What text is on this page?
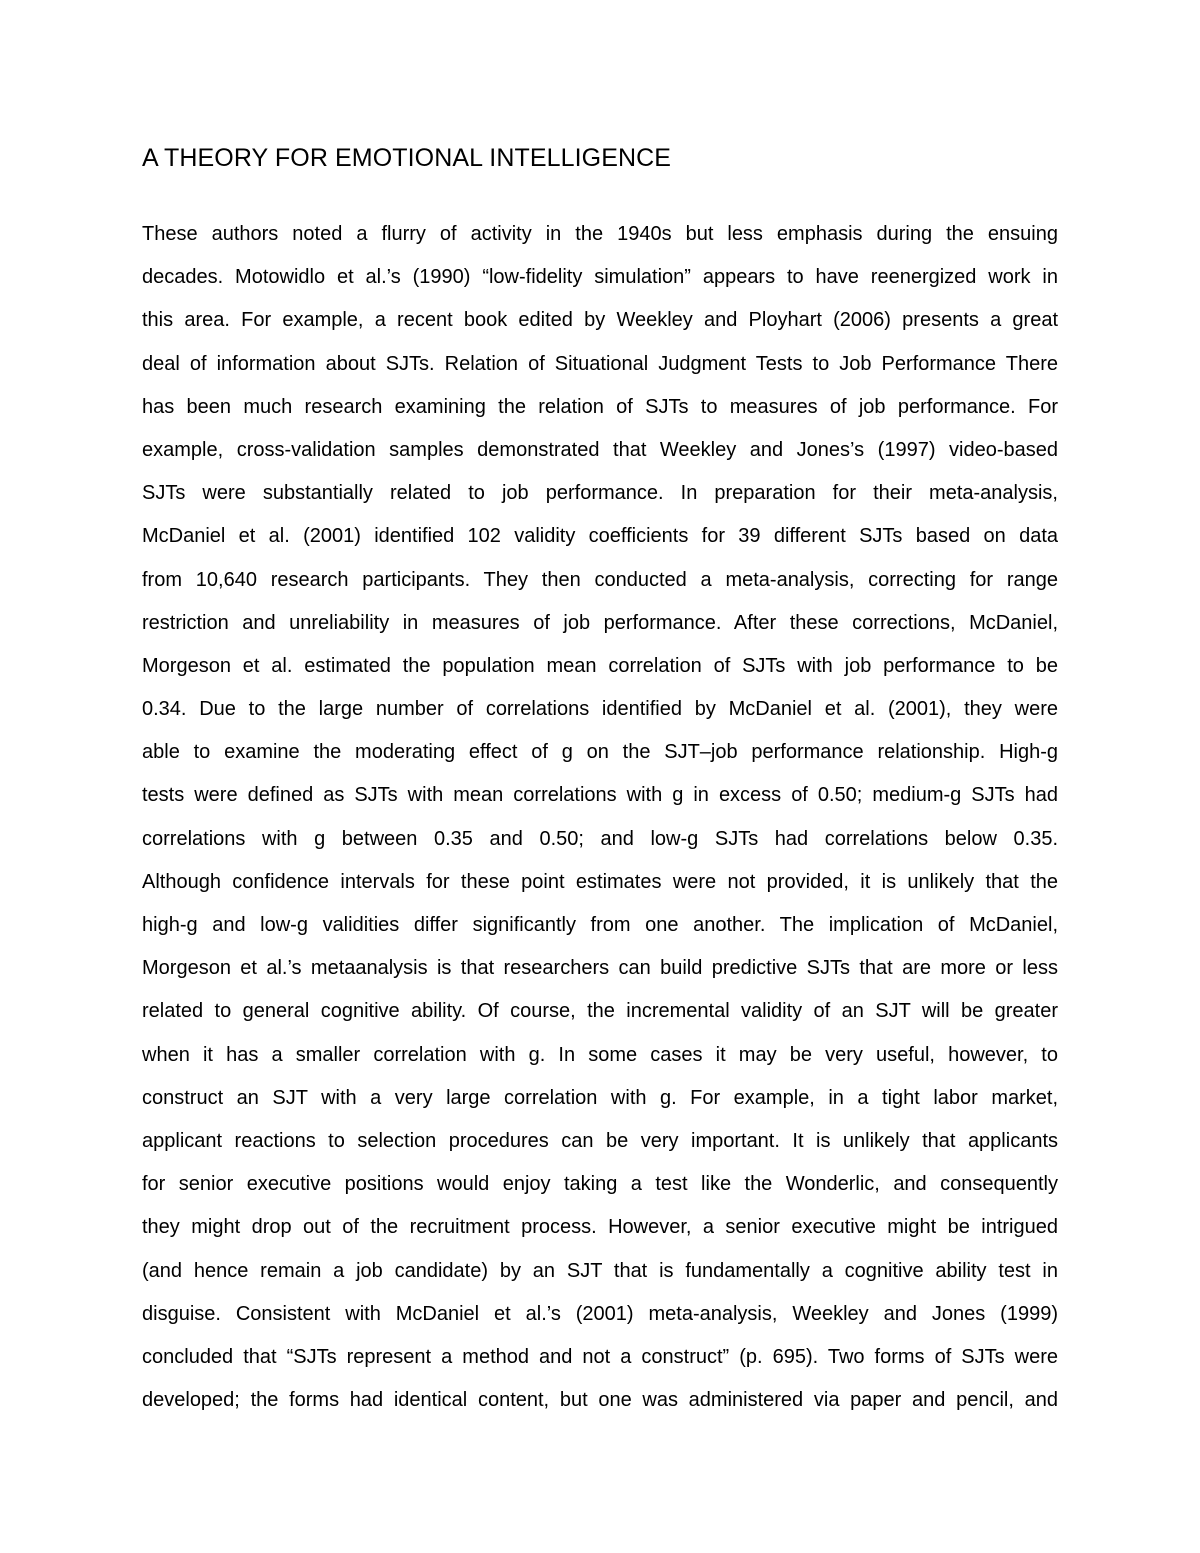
A THEORY FOR EMOTIONAL INTELLIGENCE
These authors noted a flurry of activity in the 1940s but less emphasis during the ensuing
decades. Motowidlo et al.’s (1990) “low-fidelity simulation” appears to have reenergized work in
this area. For example, a recent book edited by Weekley and Ployhart (2006) presents a great
deal of information about SJTs. Relation of Situational Judgment Tests to Job Performance There
has been much research examining the relation of SJTs to measures of job performance. For
example, cross-validation samples demonstrated that Weekley and Jones’s (1997) video-based
SJTs were substantially related to job performance. In preparation for their meta-analysis,
McDaniel et al. (2001) identified 102 validity coefficients for 39 different SJTs based on data
from 10,640 research participants. They then conducted a meta-analysis, correcting for range
restriction and unreliability in measures of job performance. After these corrections, McDaniel,
Morgeson et al. estimated the population mean correlation of SJTs with job performance to be
0.34. Due to the large number of correlations identified by McDaniel et al. (2001), they were
able to examine the moderating effect of g on the SJT–job performance relationship. High-g
tests were defined as SJTs with mean correlations with g in excess of 0.50; medium-g SJTs had
correlations with g between 0.35 and 0.50; and low-g SJTs had correlations below 0.35.
Although confidence intervals for these point estimates were not provided, it is unlikely that the
high-g and low-g validities differ significantly from one another. The implication of McDaniel,
Morgeson et al.’s metaanalysis is that researchers can build predictive SJTs that are more or less
related to general cognitive ability. Of course, the incremental validity of an SJT will be greater
when it has a smaller correlation with g. In some cases it may be very useful, however, to
construct an SJT with a very large correlation with g. For example, in a tight labor market,
applicant reactions to selection procedures can be very important. It is unlikely that applicants
for senior executive positions would enjoy taking a test like the Wonderlic, and consequently
they might drop out of the recruitment process. However, a senior executive might be intrigued
(and hence remain a job candidate) by an SJT that is fundamentally a cognitive ability test in
disguise. Consistent with McDaniel et al.’s (2001) meta-analysis, Weekley and Jones (1999)
concluded that “SJTs represent a method and not a construct” (p. 695). Two forms of SJTs were
developed; the forms had identical content, but one was administered via paper and pencil, and
